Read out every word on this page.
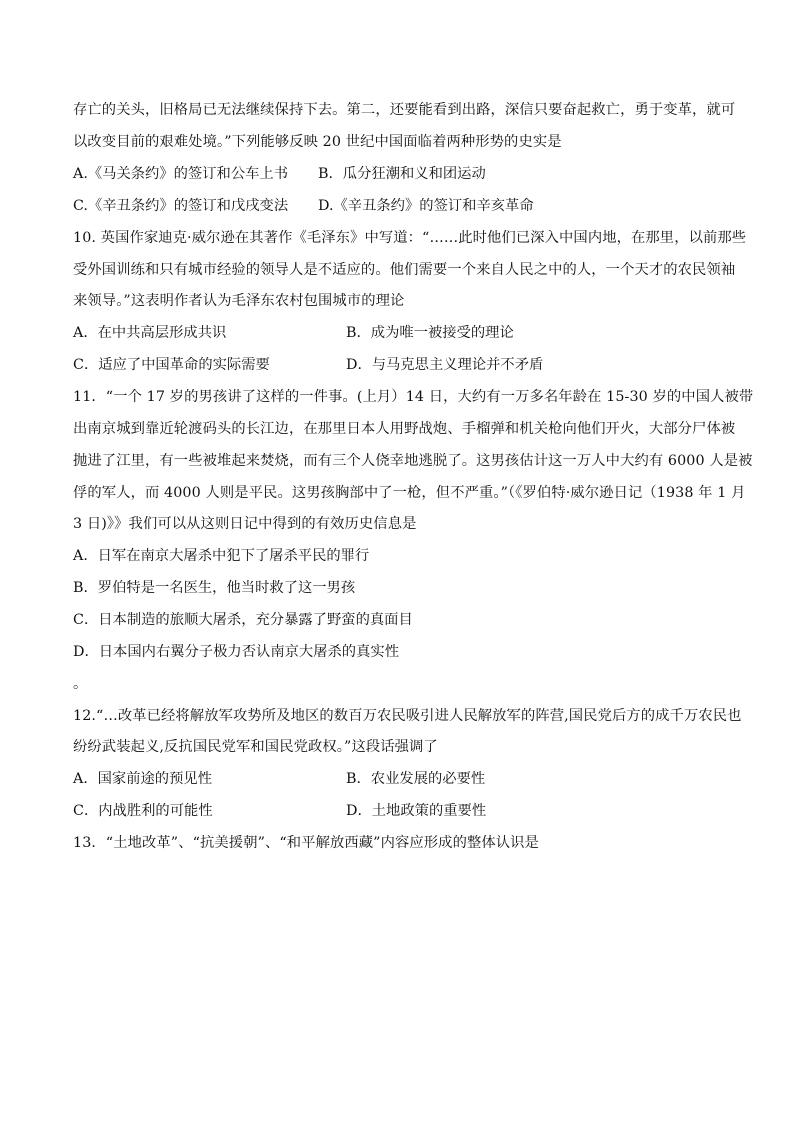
存亡的关头，旧格局已无法继续保持下去。第二，还要能看到出路，深信只要奋起救亡，勇于变革，就可
以改变目前的艰难处境。”下列能够反映 20 世纪中国面临着两种形势的史实是
A.《马关条约》的签订和公车上书 B．瓜分狂潮和义和团运动
C.《辛丑条约》的签订和戊戌变法 D.《辛丑条约》的签订和辛亥革命
10. 英国作家迪克·威尔逊在其著作《毛泽东》中写道：“……此时他们已深入中国内地，在那里，以前那些
受外国训练和只有城市经验的领导人是不适应的。他们需要一个来自人民之中的人，一个天才的农民领袖
来领导。”这表明作者认为毛泽东农村包围城市的理论
A．在中共高层形成共识	B．成为唯一被接受的理论
C．适应了中国革命的实际需要	D．与马克思主义理论并不矛盾
11．“一个 17 岁的男孩讲了这样的一件事。(上月）14 日，大约有一万多名年龄在 15-30 岁的中国人被带
出南京城到靠近轮渡码头的长江边，在那里日本人用野战炮、手榴弹和机关枪向他们开火，大部分尸体被
抛进了江里，有一些被堆起来焚烧，而有三个人侥幸地逃脱了。这男孩估计这一万人中大约有 6000 人是被
俘的军人，而 4000 人则是平民。这男孩胸部中了一枪，但不严重。”（《罗伯特·威尔逊日记（1938 年 1 月
3 日)》》我们可以从这则日记中得到的有效历史信息是
A．日军在南京大屠杀中犯下了屠杀平民的罪行
B．罗伯特是一名医生，他当时救了这一男孩
C．日本制造的旅顺大屠杀，充分暴露了野蛮的真面目
D．日本国内右翼分子极力否认南京大屠杀的真实性
。
12.“…改革已经将解放军攻势所及地区的数百万农民吸引进人民解放军的阵营,国民党后方的成千万农民也
纷纷武装起义,反抗国民党军和国民党政权。”这段话强调了
A．国家前途的预见性	B．农业发展的必要性
C．内战胜利的可能性	D．土地政策的重要性
13．“土地改革”、“抗美援朝”、“和平解放西藏”内容应形成的整体认识是
